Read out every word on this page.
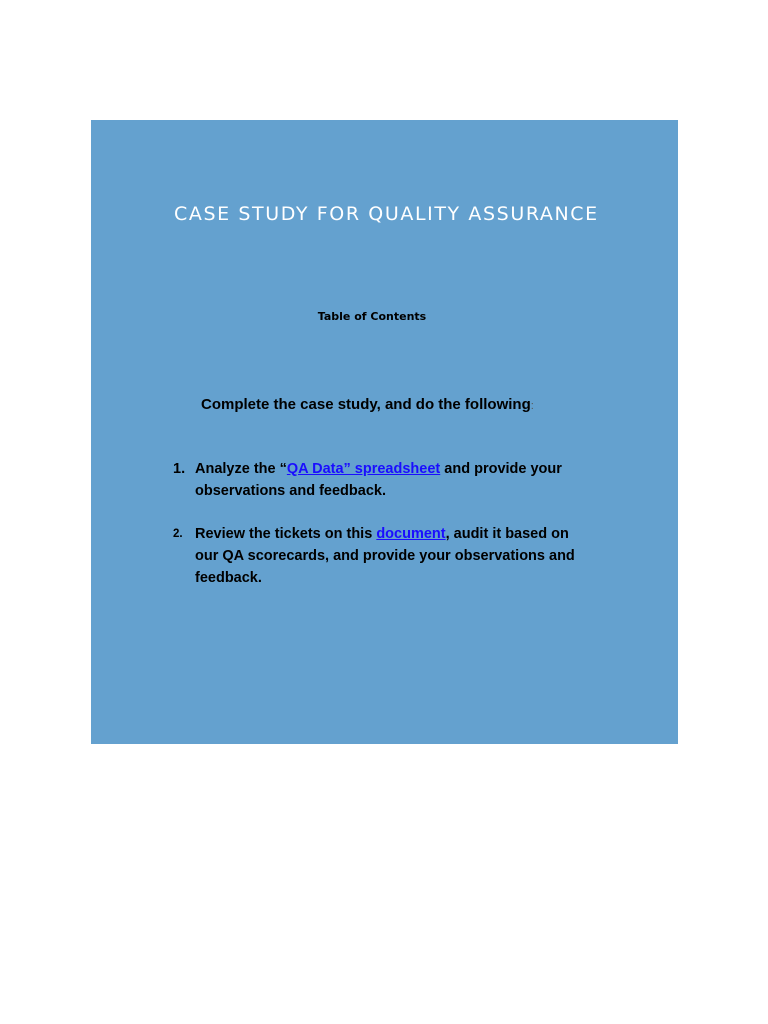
CASE STUDY FOR QUALITY ASSURANCE
Table of Contents
Complete the case study, and do the following:
1. Analyze the “QA Data” spreadsheet and provide your observations and feedback.
2. Review the tickets on this document, audit it based on our QA scorecards, and provide your observations and feedback.
